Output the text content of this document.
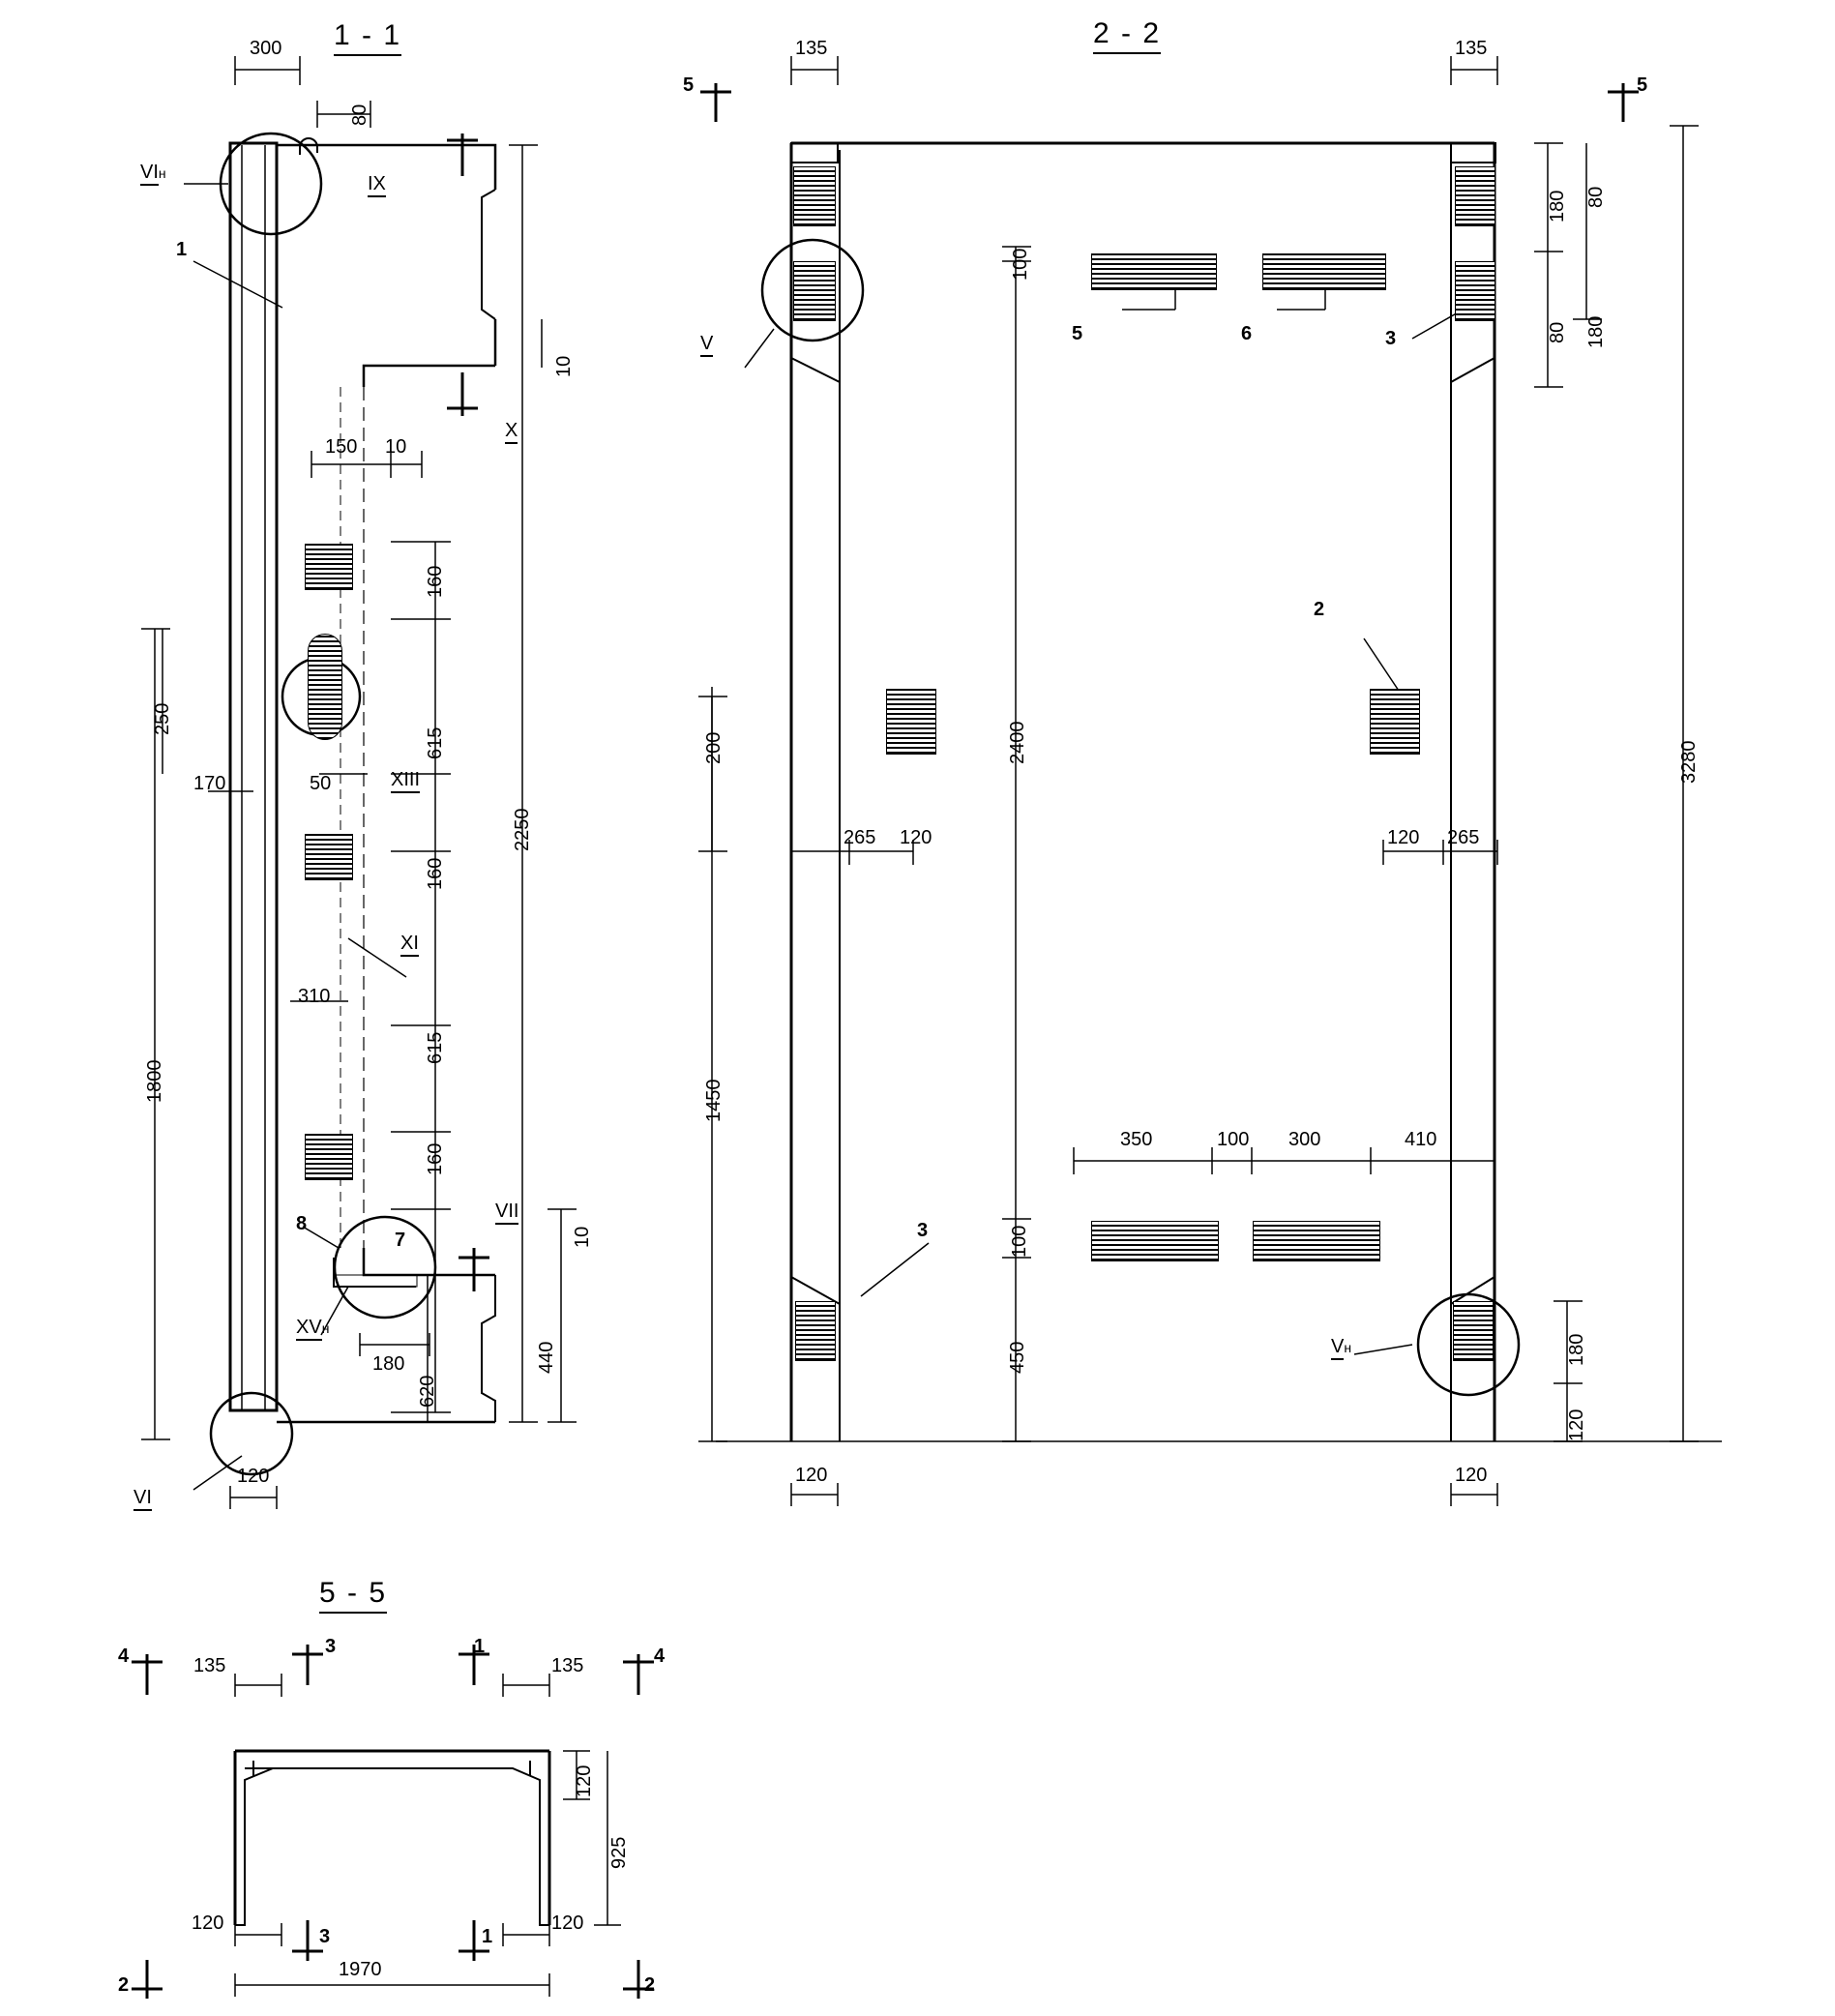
1 - 1
300
80
VIн	IX
1
10
X
150 10
160
615
250
2250
170	50	XIII
160
XI
310
615
1800
160
VII
8
7	10
440
XVн
180
620
VI
120
2 - 2
5	5
135	135
180 80
80 180
V
100
5	6	3
2
200	2400	3280
265 120	120 265
1450
350	100 300	410
100
450
3
Vн	180
120
120	120
5 - 5
4	4
135	135
3	1
120
925
120	120
3	1
1970
2	2
